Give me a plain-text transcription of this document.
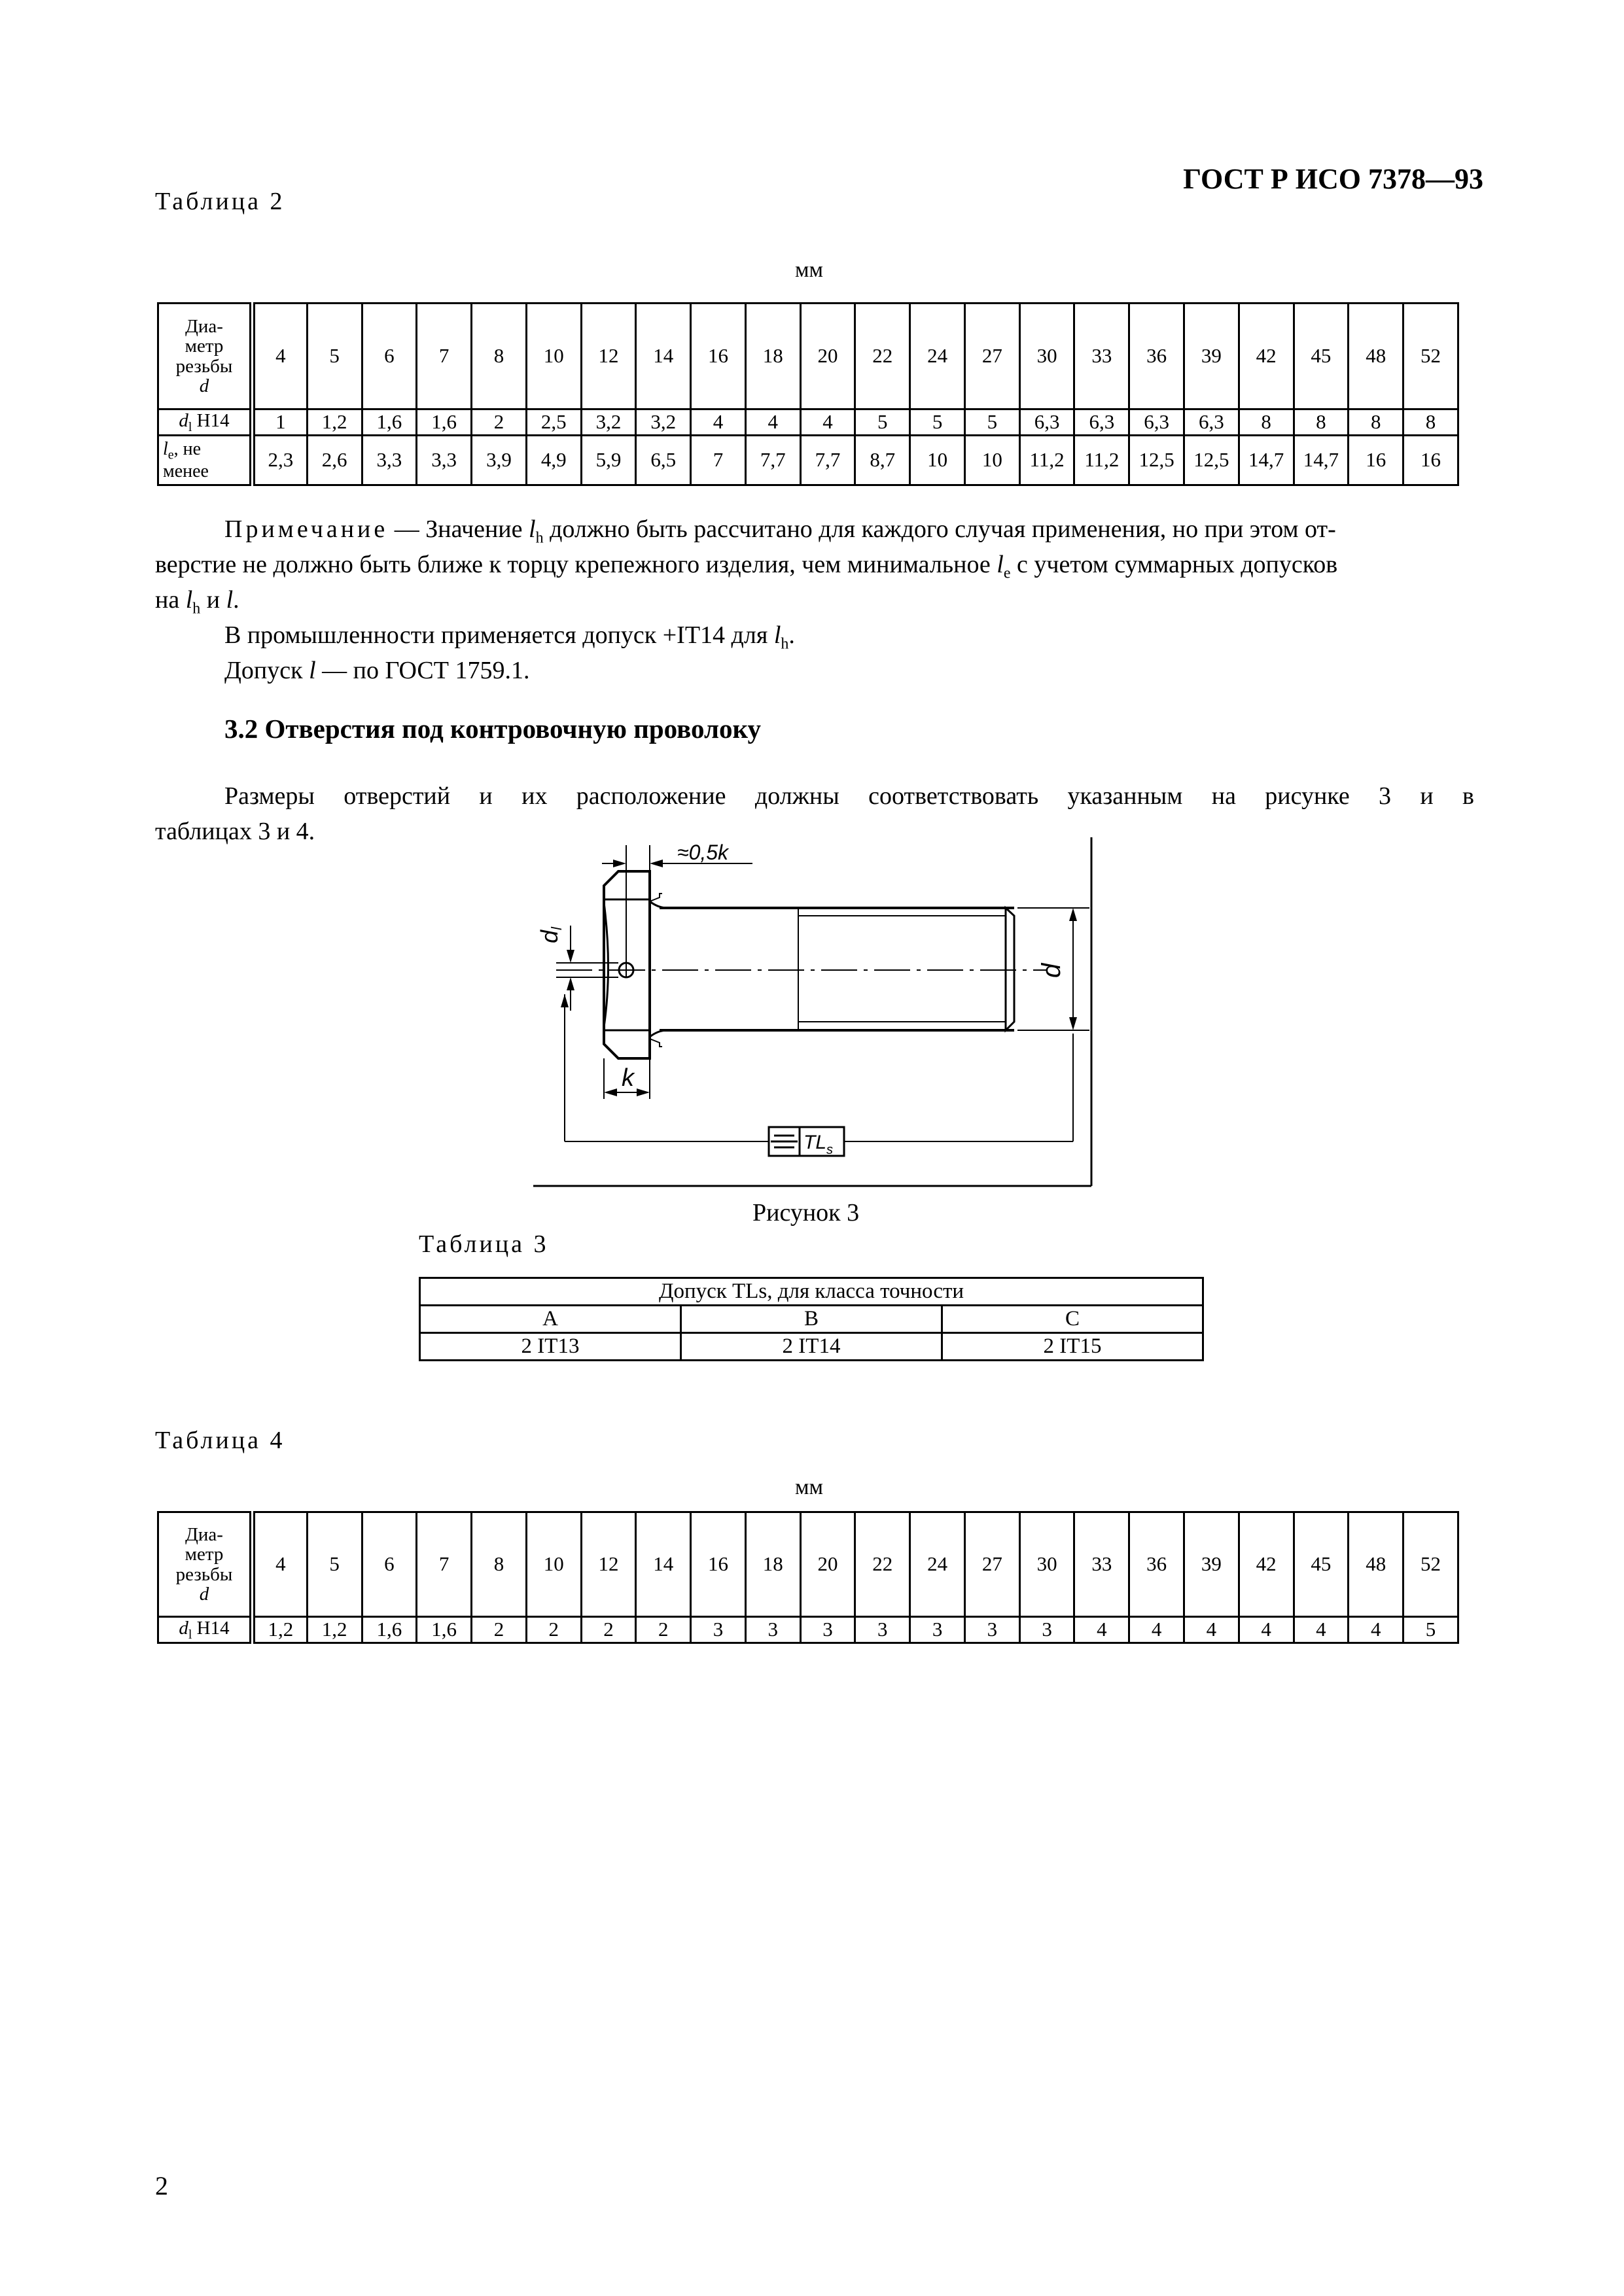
ГОСТ Р ИСО 7378—93
Таблица 2
мм
Диа-
метр
резьбы
d	4	5	6	7	8	10	12	14	16	18	20	22	24	27	30	33	36	39	42	45	48	52
$d_l$ H14	1	1,2	1,6	1,6	2	2,5	3,2	3,2	4	4	4	5	5	5	6,3	6,3	6,3	6,3	8	8	8	8
$l_e$, не
менее	2,3	2,6	3,3	3,3	3,9	4,9	5,9	6,5	7	7,7	7,7	8,7	10	10	11,2	11,2	12,5	12,5	14,7	14,7	16	16
Примечание — Значение $l_h$ должно быть рассчитано для каждого случая применения, но при этом от-
верстие не должно быть ближе к торцу крепежного изделия, чем минимальное $l_e$ с учетом суммарных допусков
на $l_h$ и l.
В промышленности применяется допуск +IT14 для $l_h$.
Допуск l — по ГОСТ 1759.1.
3.2 Отверстия под контровочную проволоку
Размеры отверстий и их расположение должны соответствовать указанным на рисунке 3 и в
таблицах 3 и 4.
≈0,5k
dl
d
k
$TL_s$
Рисунок 3
Таблица 3
Допуск TLs, для класса точности		
A	B	C
2 IT13	2 IT14	2 IT15
Таблица 4
мм
Диа-
метр
резьбы
d	4	5	6	7	8	10	12	14	16	18	20	22	24	27	30	33	36	39	42	45	48	52
$d_l$ H14	1,2	1,2	1,6	1,6	2	2	2	2	3	3	3	3	3	3	3	4	4	4	4	4	4	5
2
